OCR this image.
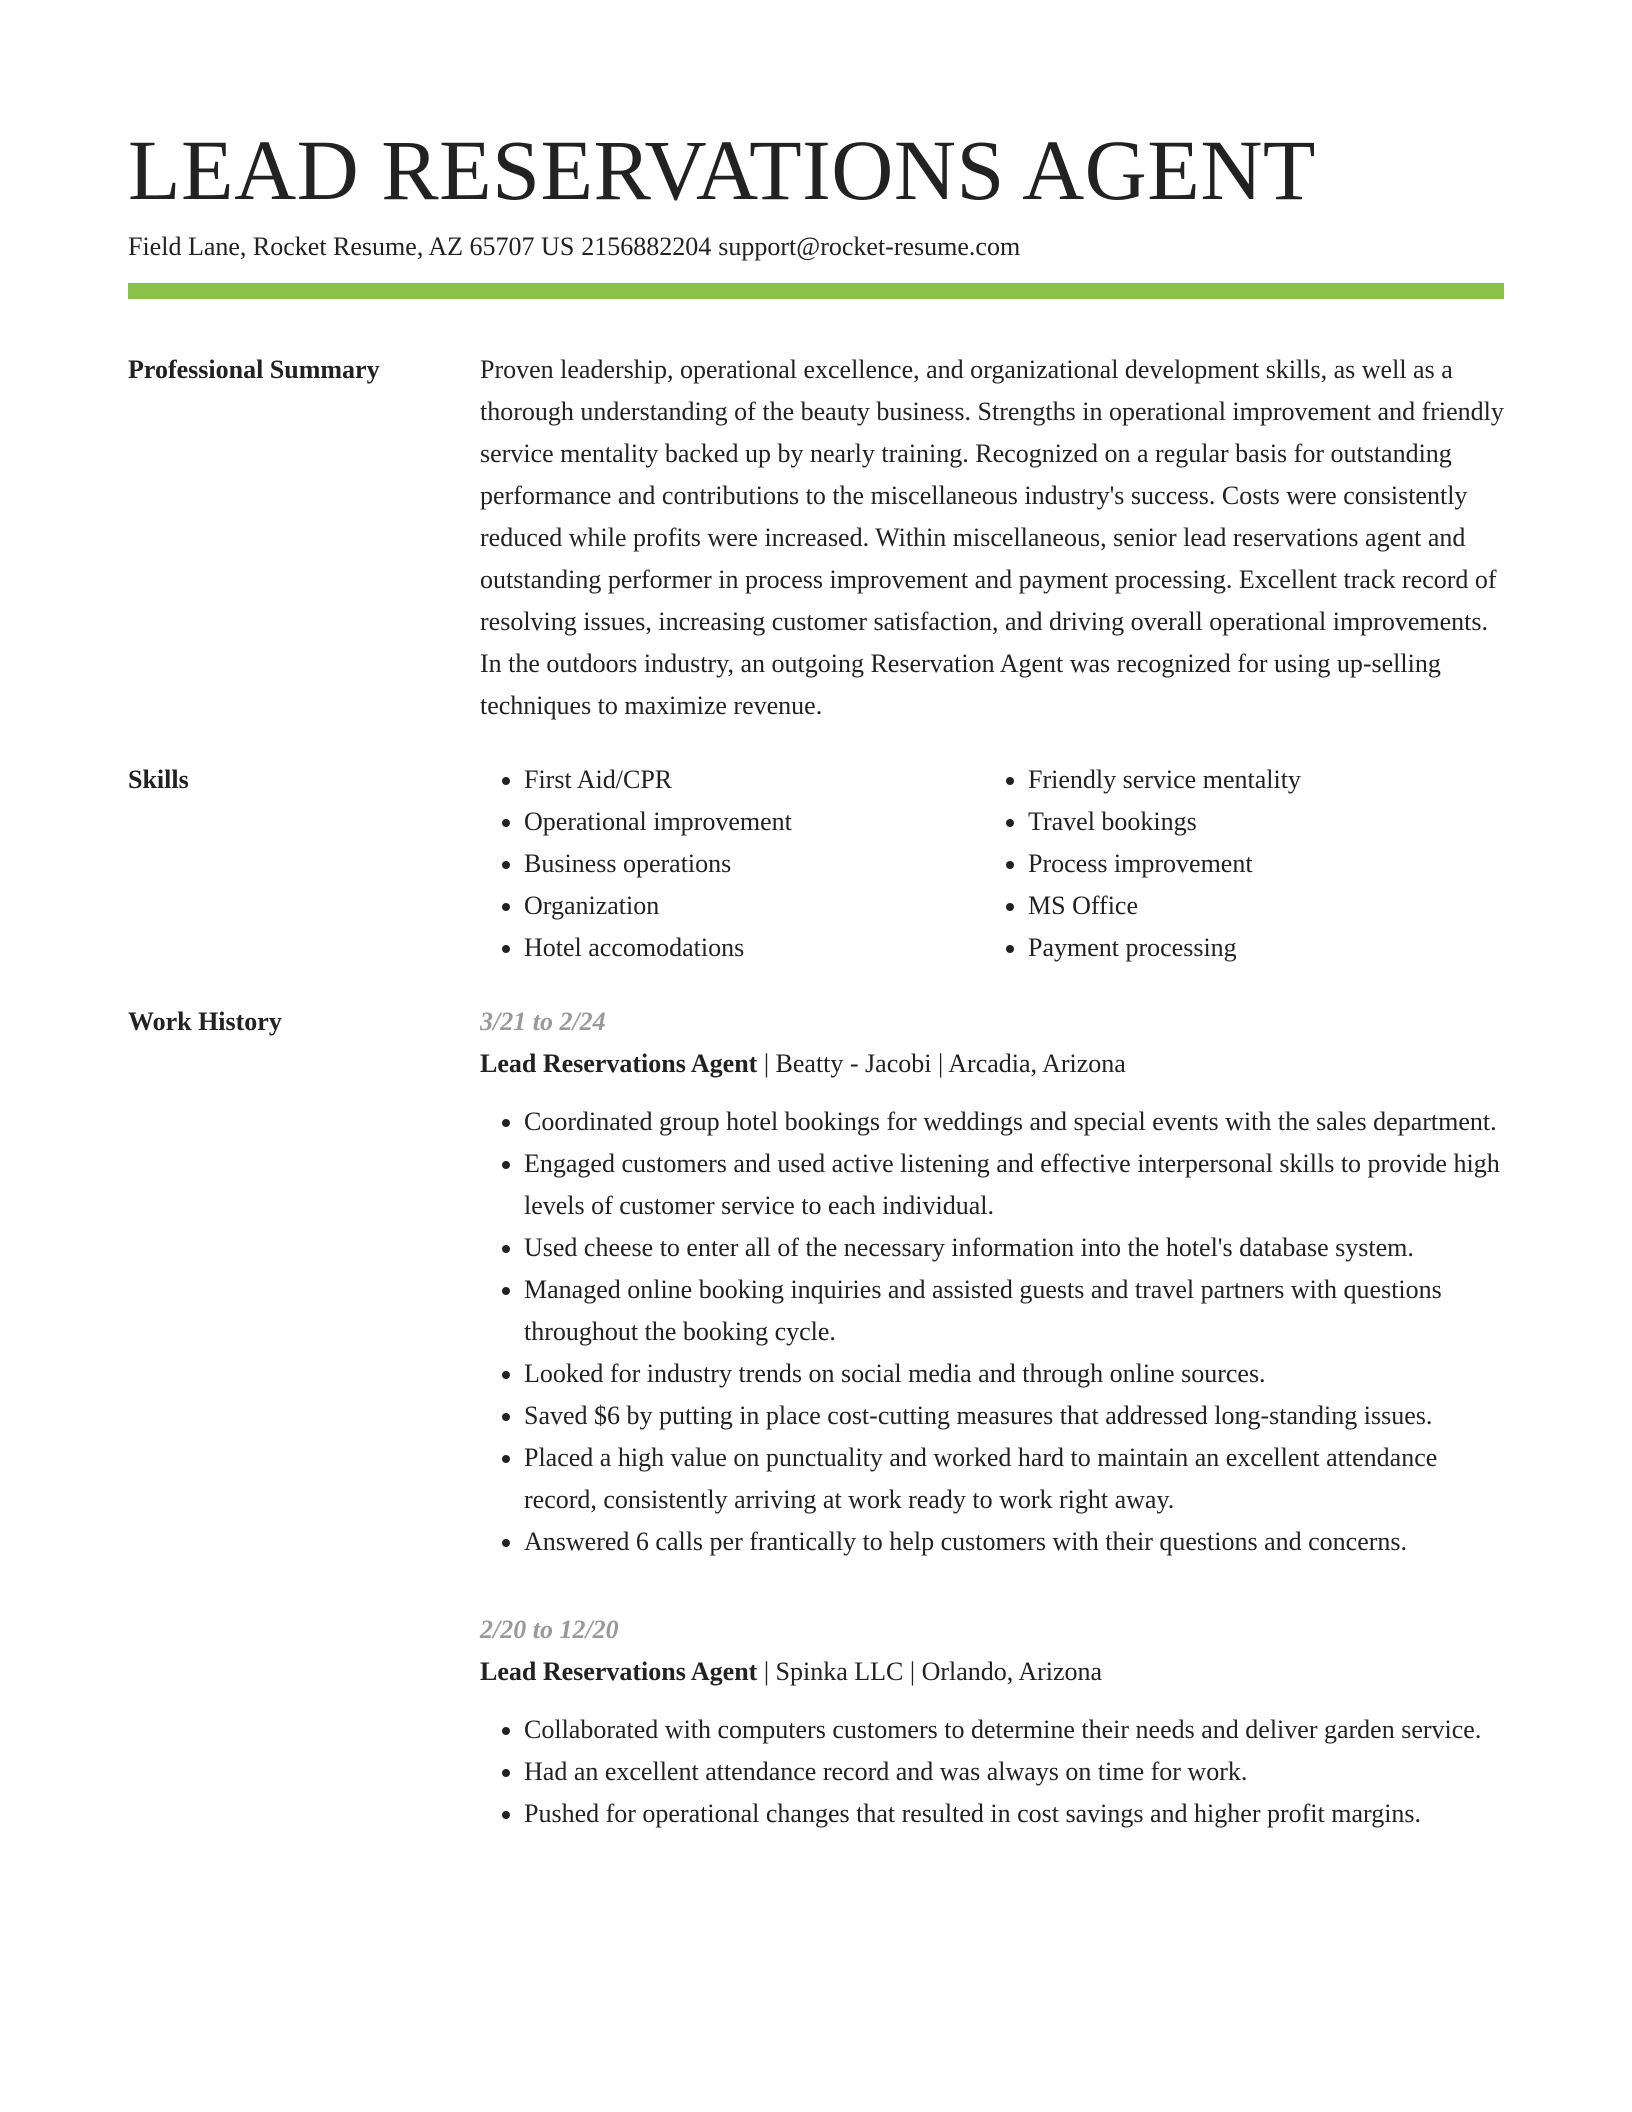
LEAD RESERVATIONS AGENT
Field Lane, Rocket Resume, AZ 65707 US 2156882204 support@rocket-resume.com
Professional Summary	Proven leadership, operational excellence, and organizational development skills, as well as a thorough understanding of the beauty business. Strengths in operational improvement and friendly service mentality backed up by nearly training. Recognized on a regular basis for outstanding performance and contributions to the miscellaneous industry's success. Costs were consistently reduced while profits were increased. Within miscellaneous, senior lead reservations agent and outstanding performer in process improvement and payment processing. Excellent track record of resolving issues, increasing customer satisfaction, and driving overall operational improvements. In the outdoors industry, an outgoing Reservation Agent was recognized for using up-selling techniques to maximize revenue.

Skills
•	First Aid/CPR
• Operational improvement
• Business operations
• Organization
• Hotel accomodations
• Friendly service mentality
• Travel bookings
• Process improvement
• MS Office
• Payment processing
Work History	3/21 to 2/24
Lead Reservations Agent | Beatty - Jacobi | Arcadia, Arizona
• Coordinated group hotel bookings for weddings and special events with the sales department.
• Engaged customers and used active listening and effective interpersonal skills to provide high levels of customer service to each individual.
• Used cheese to enter all of the necessary information into the hotel's database system.
• Managed online booking inquiries and assisted guests and travel partners with questions throughout the booking cycle.
• Looked for industry trends on social media and through online sources.
• Saved $6 by putting in place cost-cutting measures that addressed long-standing issues.
• Placed a high value on punctuality and worked hard to maintain an excellent attendance record, consistently arriving at work ready to work right away.
• Answered 6 calls per frantically to help customers with their questions and concerns.
2/20 to 12/20
Lead Reservations Agent | Spinka LLC | Orlando, Arizona
• Collaborated with computers customers to determine their needs and deliver garden service.
• Had an excellent attendance record and was always on time for work.
• Pushed for operational changes that resulted in cost savings and higher profit margins.
